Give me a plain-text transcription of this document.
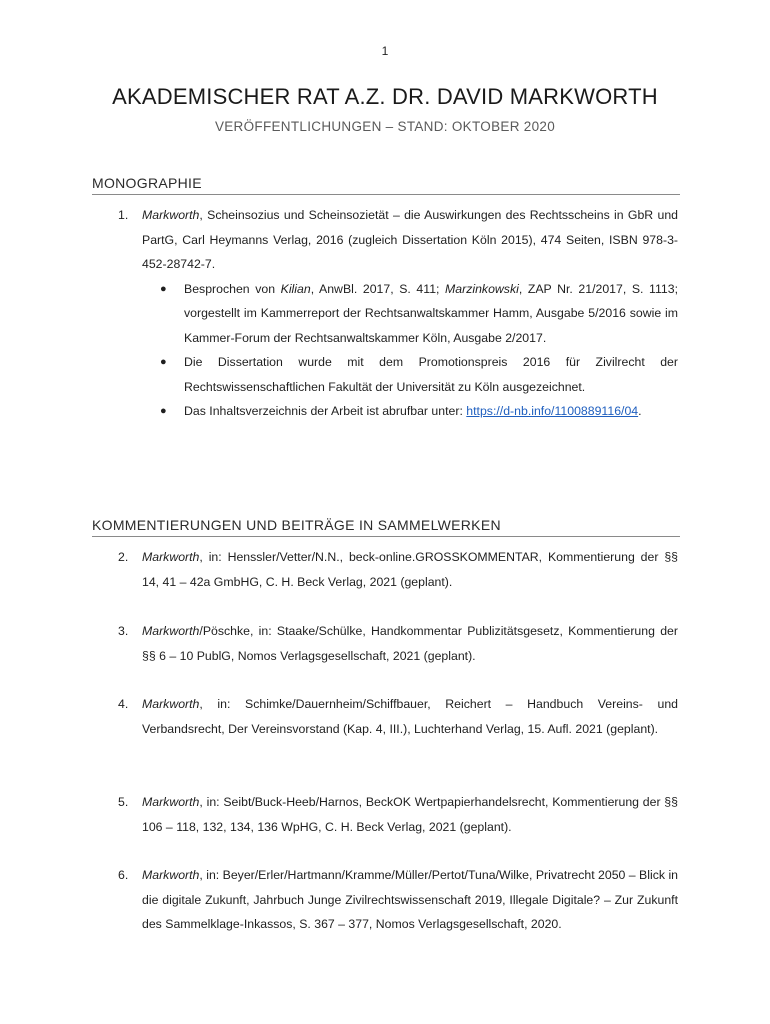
1
AKADEMISCHER RAT A.Z. DR. DAVID MARKWORTH
VERÖFFENTLICHUNGEN – STAND: OKTOBER 2020
MONOGRAPHIE
1.	Markworth, Scheinsozius und Scheinsozietät – die Auswirkungen des Rechtsscheins in GbR und PartG, Carl Heymanns Verlag, 2016 (zugleich Dissertation Köln 2015), 474 Seiten, ISBN 978-3-452-28742-7.
● Besprochen von Kilian, AnwBl. 2017, S. 411; Marzinkowski, ZAP Nr. 21/2017, S. 1113; vorgestellt im Kammerreport der Rechtsanwaltskammer Hamm, Ausgabe 5/2016 sowie im Kammer-Forum der Rechtsanwaltskammer Köln, Ausgabe 2/2017.
● Die Dissertation wurde mit dem Promotionspreis 2016 für Zivilrecht der Rechtswissenschaftlichen Fakultät der Universität zu Köln ausgezeichnet.
● Das Inhaltsverzeichnis der Arbeit ist abrufbar unter: https://d-nb.info/1100889116/04.
KOMMENTIERUNGEN UND BEITRÄGE IN SAMMELWERKEN
2.	Markworth, in: Henssler/Vetter/N.N., beck-online.GROSSKOMMENTAR, Kommentierung der §§ 14, 41 – 42a GmbHG, C. H. Beck Verlag, 2021 (geplant).
3.	Markworth/Pöschke, in: Staake/Schülke, Handkommentar Publizitätsgesetz, Kommentierung der §§ 6 – 10 PublG, Nomos Verlagsgesellschaft, 2021 (geplant).
4.	Markworth, in: Schimke/Dauernheim/Schiffbauer, Reichert – Handbuch Vereins- und Verbandsrecht, Der Vereinsvorstand (Kap. 4, III.), Luchterhand Verlag, 15. Aufl. 2021 (geplant).
5.	Markworth, in: Seibt/Buck-Heeb/Harnos, BeckOK Wertpapierhandelsrecht, Kommentierung der §§ 106 – 118, 132, 134, 136 WpHG, C. H. Beck Verlag, 2021 (geplant).
6.	Markworth, in: Beyer/Erler/Hartmann/Kramme/Müller/Pertot/Tuna/Wilke, Privatrecht 2050 – Blick in die digitale Zukunft, Jahrbuch Junge Zivilrechtswissenschaft 2019, Illegale Digitale? – Zur Zukunft des Sammelklage-Inkassos, S. 367 – 377, Nomos Verlagsgesellschaft, 2020.
